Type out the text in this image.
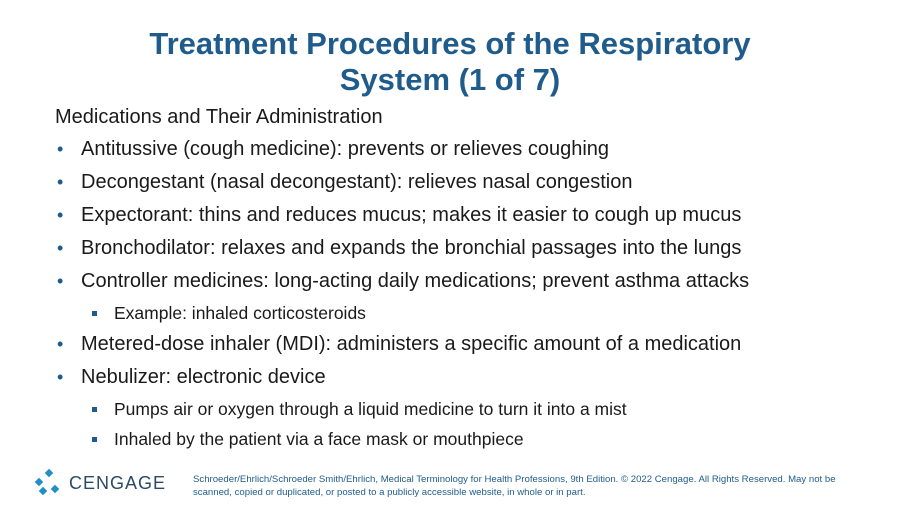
Treatment Procedures of the Respiratory
System (1 of 7)

Medications and Their Administration

• Antitussive (cough medicine): prevents or relieves coughing
• Decongestant (nasal decongestant): relieves nasal congestion
• Expectorant: thins and reduces mucus; makes it easier to cough up mucus
• Bronchodilator: relaxes and expands the bronchial passages into the lungs
• Controller medicines: long-acting daily medications; prevent asthma attacks
Example: inhaled corticosteroids
• Metered-dose inhaler (MDI): administers a specific amount of a medication
• Nebulizer: electronic device
Pumps air or oxygen through a liquid medicine to turn it into a mist
Inhaled by the patient via a face mask or mouthpiece
CENGAGE	Schroeder/Ehrlich/Schroeder Smith/Ehrlich, Medical Terminology for Health Professions, 9th Edition. © 2022 Cengage. All Rights Reserved. May not be
scanned, copied or duplicated, or posted to a publicly accessible website, in whole or in part.
